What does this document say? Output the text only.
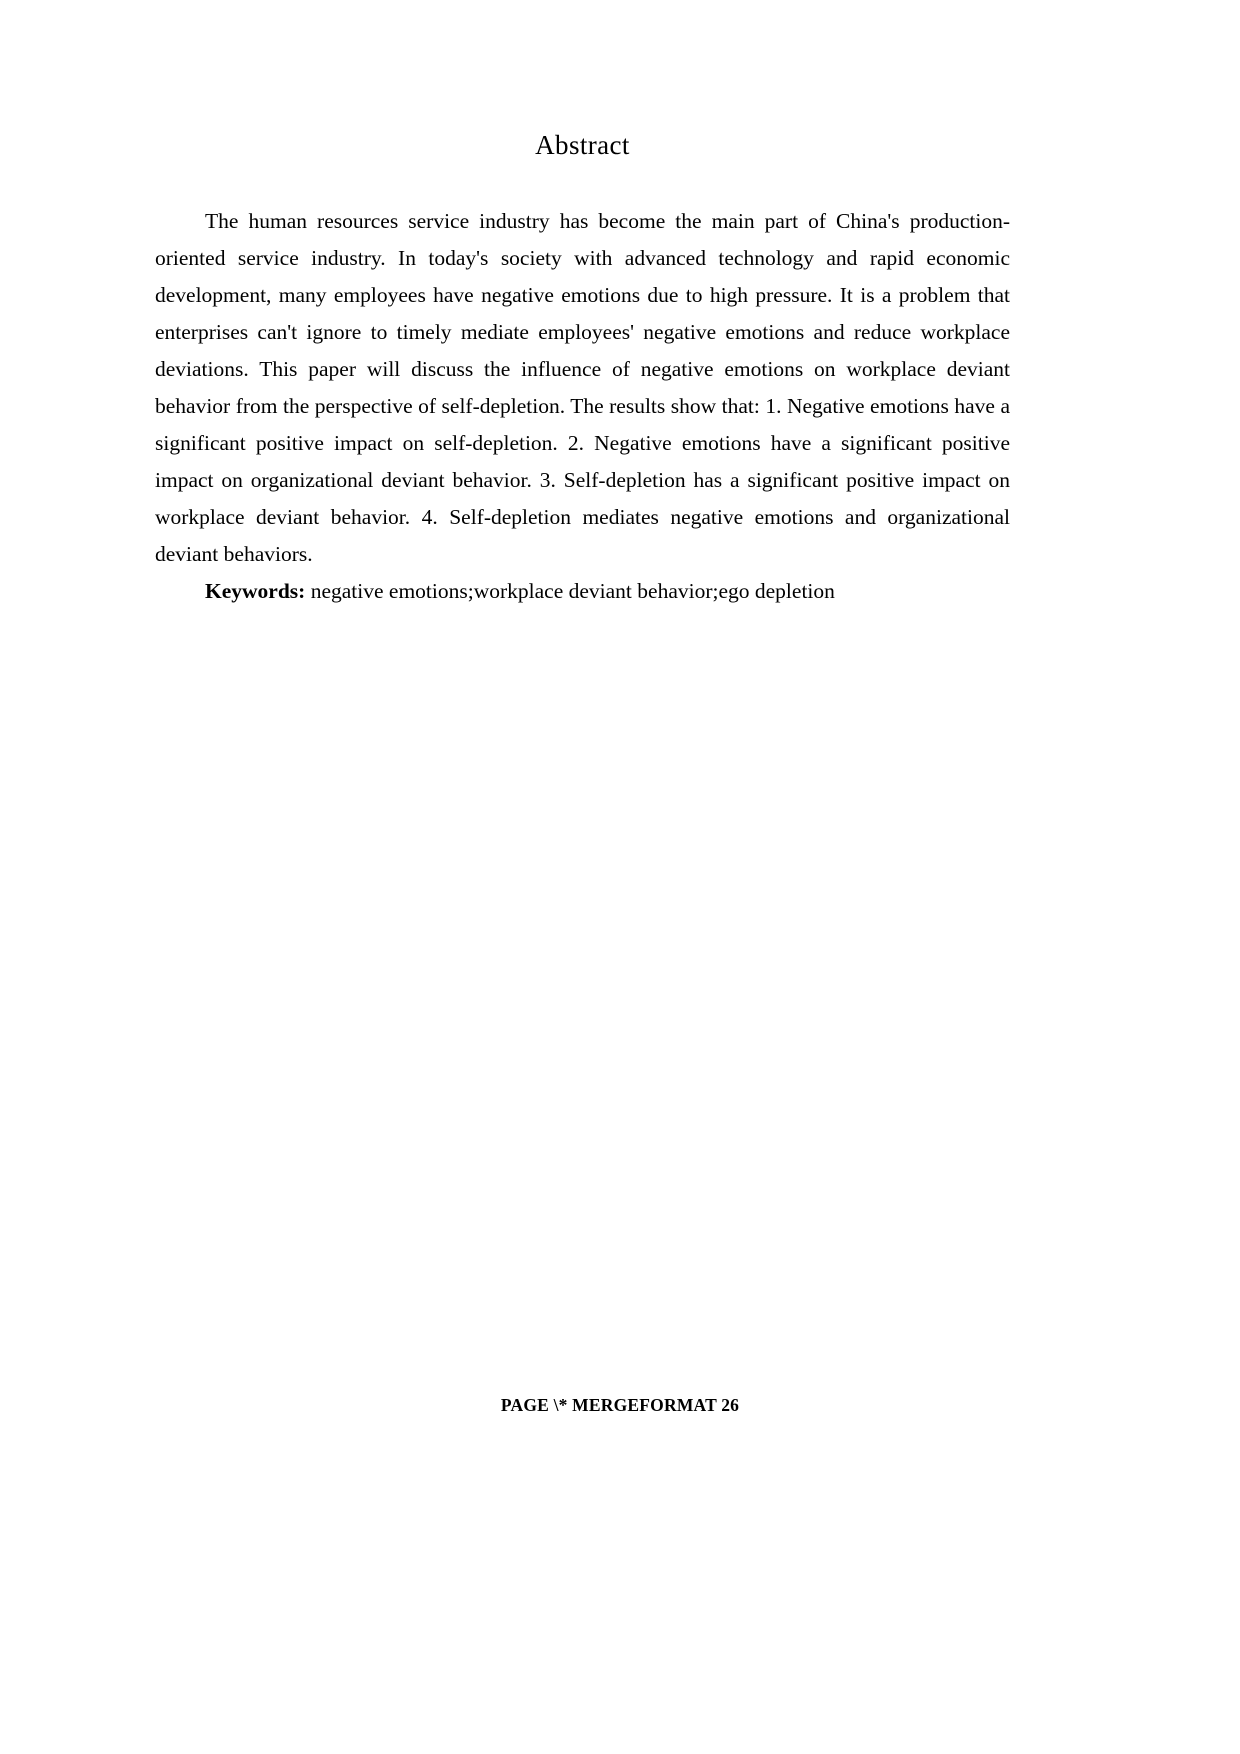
Abstract

The human resources service industry has become the main part of China's production-oriented service industry. In today's society with advanced technology and rapid economic development, many employees have negative emotions due to high pressure. It is a problem that enterprises can't ignore to timely mediate employees' negative emotions and reduce workplace deviations. This paper will discuss the influence of negative emotions on workplace deviant behavior from the perspective of self-depletion. The results show that: 1. Negative emotions have a significant positive impact on self-depletion. 2. Negative emotions have a significant positive impact on organizational deviant behavior. 3. Self-depletion has a significant positive impact on workplace deviant behavior. 4. Self-depletion mediates negative emotions and organizational deviant behaviors.

Keywords: negative emotions;workplace deviant behavior;ego depletion

PAGE \* MERGEFORMAT 26
